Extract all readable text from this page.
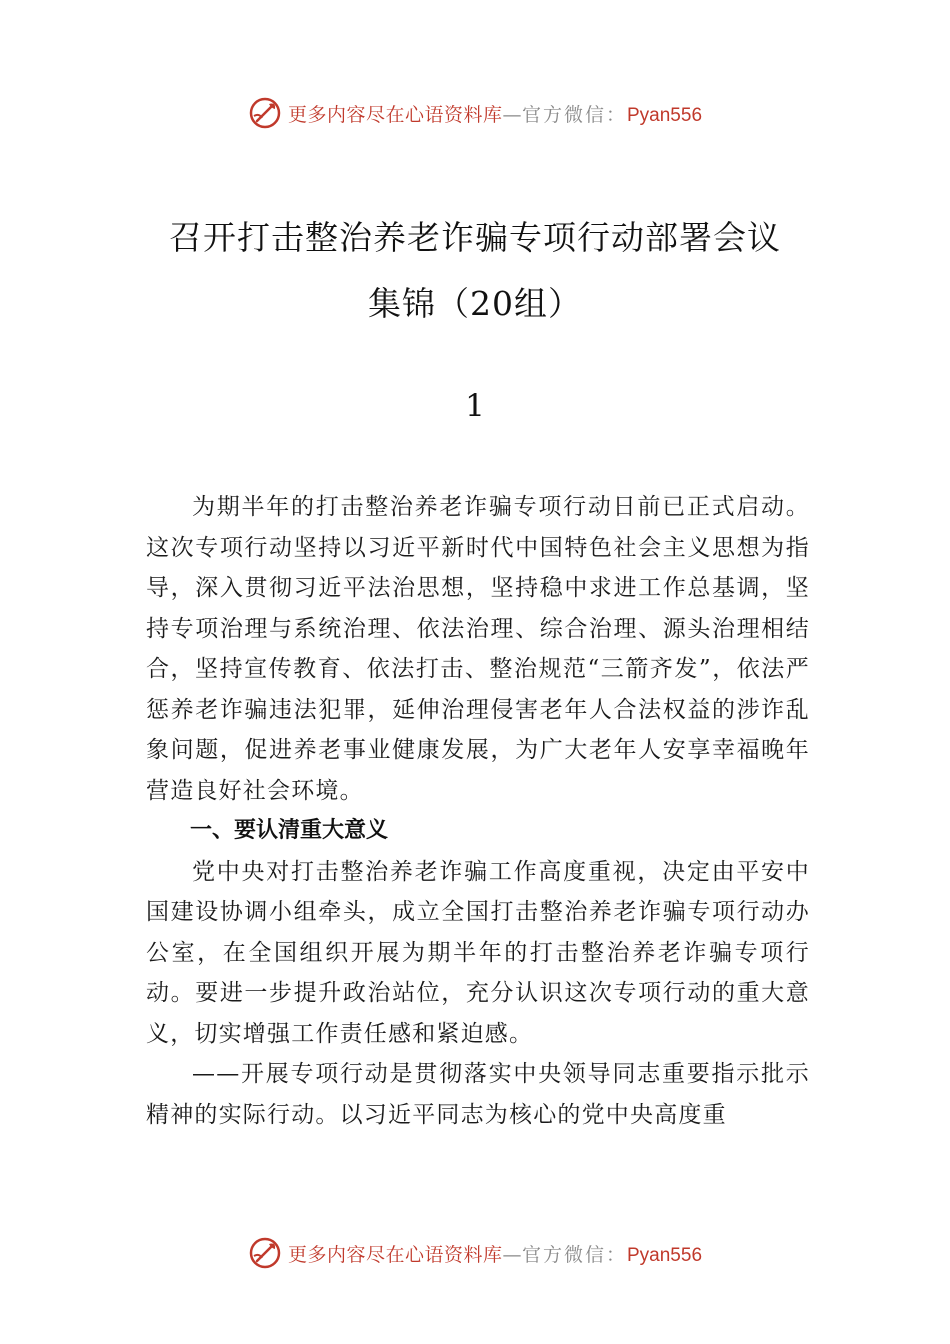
更多内容尽在心语资料库—官方微信：Pyan556
召开打击整治养老诈骗专项行动部署会议
集锦（20组）
1

为期半年的打击整治养老诈骗专项行动日前已正式启动。这次专项行动坚持以习近平新时代中国特色社会主义思想为指导，深入贯彻习近平法治思想，坚持稳中求进工作总基调，坚持专项治理与系统治理、依法治理、综合治理、源头治理相结合，坚持宣传教育、依法打击、整治规范“三箭齐发”，依法严惩养老诈骗违法犯罪，延伸治理侵害老年人合法权益的涉诈乱象问题，促进养老事业健康发展，为广大老年人安享幸福晚年营造良好社会环境。

一、要认清重大意义

党中央对打击整治养老诈骗工作高度重视，决定由平安中国建设协调小组牵头，成立全国打击整治养老诈骗专项行动办公室，在全国组织开展为期半年的打击整治养老诈骗专项行动。要进一步提升政治站位，充分认识这次专项行动的重大意义，切实增强工作责任感和紧迫感。

——开展专项行动是贯彻落实中央领导同志重要指示批示精神的实际行动。以习近平同志为核心的党中央高度重

更多内容尽在心语资料库—官方微信：Pyan556
